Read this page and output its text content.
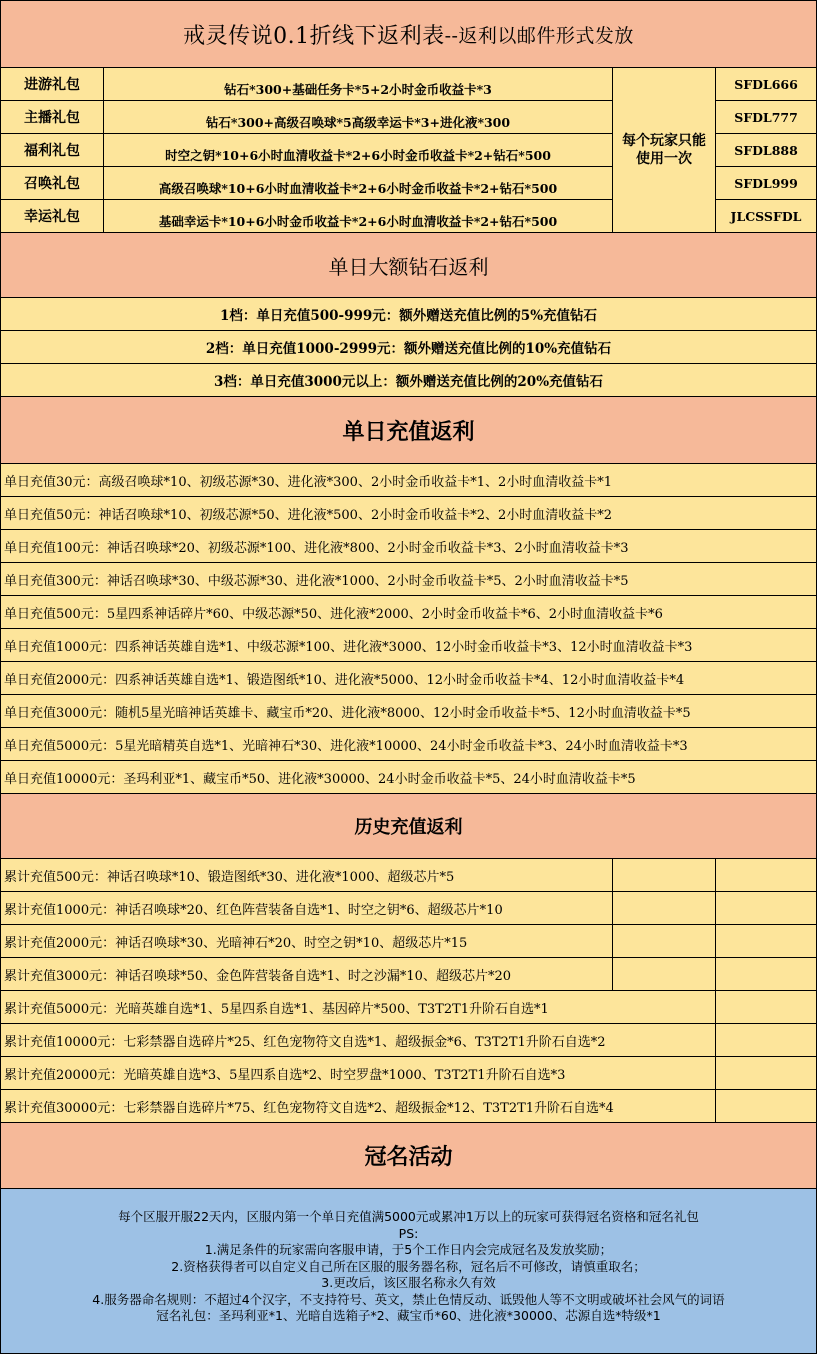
戒灵传说0.1折线下返利表 --返利以邮件形式发放
进游礼包
主播礼包
福利礼包
召唤礼包
幸运礼包
钻石*300+基础任务卡*5+2小时金币收益卡*3
钻石*300+高级召唤球*5高级幸运卡*3+进化液*300
时空之钥*10+6小时血清收益卡*2+6小时金币收益卡*2+钻石*500
高级召唤球*10+6小时血清收益卡*2+6小时金币收益卡*2+钻石*500
基础幸运卡*10+6小时金币收益卡*2+6小时血清收益卡*2+钻石*500
每个玩家只能
使用一次
SFDL666
SFDL777
SFDL888
SFDL999
JLCSSFDL
单日大额钻石返利
1档：单日充值500-999元：额外赠送充值比例的5%充值钻石
2档：单日充值1000-2999元：额外赠送充值比例的10%充值钻石
3档：单日充值3000元以上：额外赠送充值比例的20%充值钻石
单日充值返利
单日充值30元：高级召唤球*10、初级芯源*30、进化液*300、2小时金币收益卡*1、2小时血清收益卡*1
单日充值50元：神话召唤球*10、初级芯源*50、进化液*500、2小时金币收益卡*2、2小时血清收益卡*2
单日充值100元：神话召唤球*20、初级芯源*100、进化液*800、2小时金币收益卡*3、2小时血清收益卡*3
单日充值300元：神话召唤球*30、中级芯源*30、进化液*1000、2小时金币收益卡*5、2小时血清收益卡*5
单日充值500元：5星四系神话碎片*60、中级芯源*50、进化液*2000、2小时金币收益卡*6、2小时血清收益卡*6
单日充值1000元：四系神话英雄自选*1、中级芯源*100、进化液*3000、12小时金币收益卡*3、12小时血清收益卡*3
单日充值2000元：四系神话英雄自选*1、锻造图纸*10、进化液*5000、12小时金币收益卡*4、12小时血清收益卡*4
单日充值3000元：随机5星光暗神话英雄卡、藏宝币*20、进化液*8000、12小时金币收益卡*5、12小时血清收益卡*5
单日充值5000元：5星光暗精英自选*1、光暗神石*30、进化液*10000、24小时金币收益卡*3、24小时血清收益卡*3
单日充值10000元：圣玛利亚*1、藏宝币*50、进化液*30000、24小时金币收益卡*5、24小时血清收益卡*5
历史充值返利
累计充值500元：神话召唤球*10、锻造图纸*30、进化液*1000、超级芯片*5
累计充值1000元：神话召唤球*20、红色阵营装备自选*1、时空之钥*6、超级芯片*10
累计充值2000元：神话召唤球*30、光暗神石*20、时空之钥*10、超级芯片*15
累计充值3000元：神话召唤球*50、金色阵营装备自选*1、时之沙漏*10、超级芯片*20
累计充值5000元：光暗英雄自选*1、5星四系自选*1、基因碎片*500、T3T2T1升阶石自选*1
累计充值10000元：七彩禁器自选碎片*25、红色宠物符文自选*1、超级振金*6、T3T2T1升阶石自选*2
累计充值20000元：光暗英雄自选*3、5星四系自选*2、时空罗盘*1000、T3T2T1升阶石自选*3
累计充值30000元：七彩禁器自选碎片*75、红色宠物符文自选*2、超级振金*12、T3T2T1升阶石自选*4
冠名活动
每个区服开服22天内，区服内第一个单日充值满5000元或累冲1万以上的玩家可获得冠名资格和冠名礼包
PS:
1.满足条件的玩家需向客服申请，于5个工作日内会完成冠名及发放奖励；
2.资格获得者可以自定义自己所在区服的服务器名称，冠名后不可修改，请慎重取名；
3.更改后，该区服名称永久有效
4.服务器命名规则：不超过4个汉字，不支持符号、英文，禁止色情反动、诋毁他人等不文明或破坏社会风气的词语
冠名礼包：圣玛利亚*1、光暗自选箱子*2、藏宝币*60、进化液*30000、芯源自选*特级*1
